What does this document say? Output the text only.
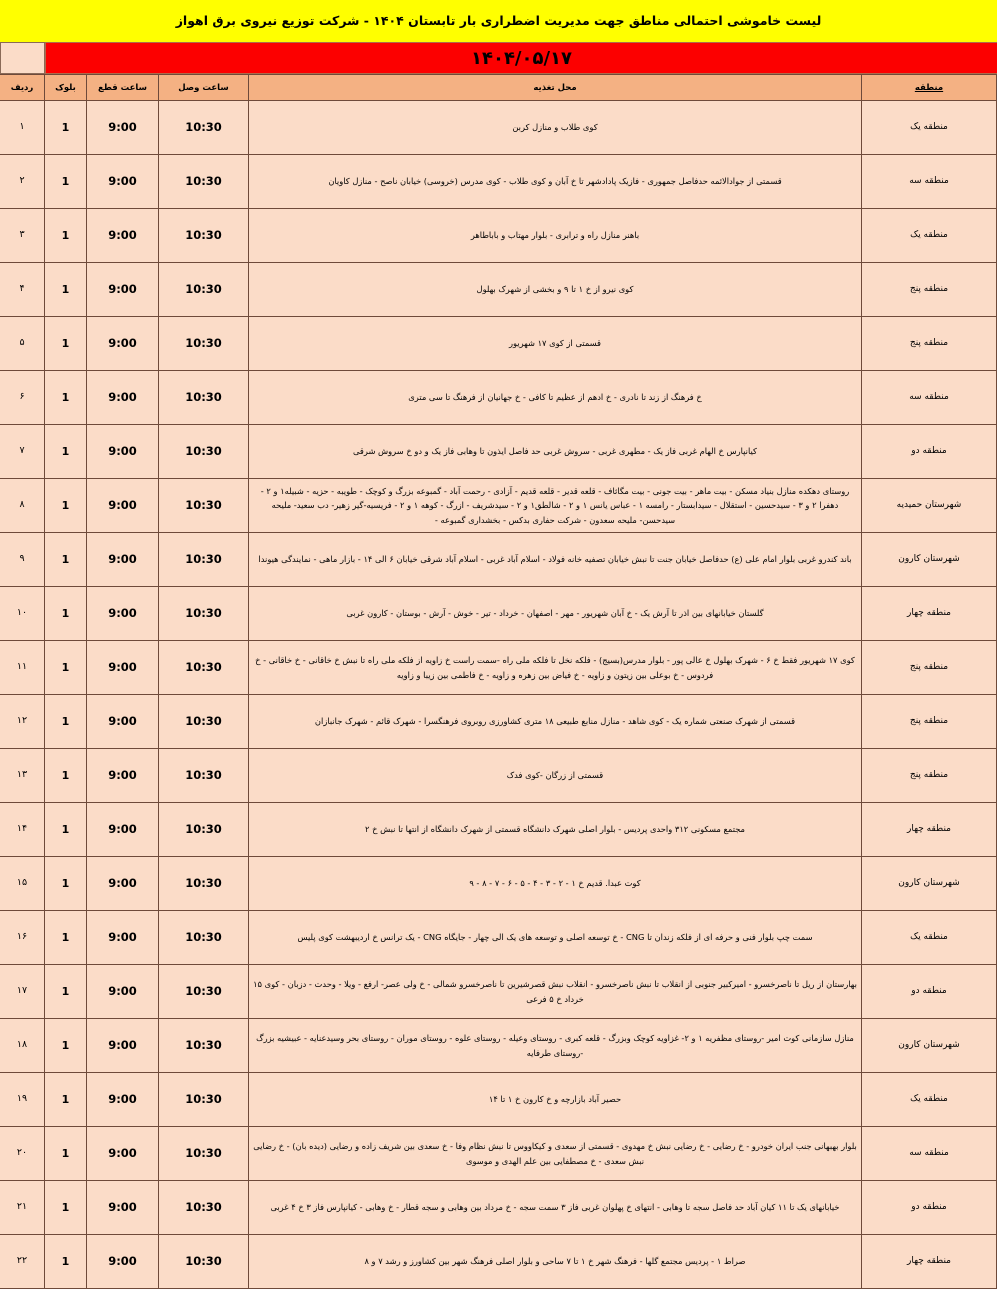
لیست خاموشی احتمالی مناطق جهت مدیریت اضطراری بار تابستان ۱۴۰۴ - شرکت توزیع نیروی برق اهواز
۱۴۰۴/۰۵/۱۷
منطقه	محل تغذیه	ساعت وصل	ساعت قطع	بلوک	ردیف
منطقه یک	کوی طلاب و منازل کربن	10:30	9:00	1	۱
منطقه سه	قسمتی از جوادالائمه حدفاصل جمهوری - فازیک پادادشهر تا خ آبان و کوی طلاب - کوی مدرس (خروسی) خیابان ناصح - منازل کاویان	10:30	9:00	1	۲
منطقه یک	باهنر منازل راه و ترابری - بلوار مهتاب و باباطاهر	10:30	9:00	1	۳
منطقه پنج	کوی نیرو از خ ۱ تا ۹ و بخشی از شهرک بهلول	10:30	9:00	1	۴
منطقه پنج	قسمتی از کوی ۱۷ شهریور	10:30	9:00	1	۵
منطقه سه	خ فرهنگ از زند تا نادری - خ ادهم از عظیم تا کافی - خ جهانیان از فرهنگ تا سی متری	10:30	9:00	1	۶
منطقه دو	کیانپارس خ الهام غربی فاز یک - مطهری غربی - سروش غربی حد فاصل ایذون تا وهابی فاز یک و دو خ سروش شرقی	10:30	9:00	1	۷
شهرستان حمیدیه	روستای دهکده منازل بنیاد مسکن - بیت ماهر - بیت جونی - بیت مگاثاف - قلعه قدیر - قلعه قدیم - آزادی - رحمت آباد - گمبوعه بزرگ و کوچک - طویبه - حزیه - شبیله۱ و ۲ - دهفرا ۲ و ۳ - سیدحسین - استقلال - سیدابستار - رامسه ۱ - عباس یانس ۱ و ۲ - شالطق۱ و ۲ - سیدشریف - ازرگ - کوهه ۱ و ۲ - فریسیه-گیر زهیر- دب سعید- ملیحه سیدحسن- ملیحه سعدون - شرکت حفاری بدکس - بخشداری گمبوعه -	10:30	9:00	1	۸
شهرستان کارون	باند کندرو غربی بلوار امام علی (ع) حدفاصل خیابان جنت تا نبش خیابان تصفیه خانه فولاد - اسلام آباد غربی - اسلام آباد شرقی خیابان ۶ الی ۱۴ - بازار ماهی - نمایندگی هیوندا	10:30	9:00	1	۹
منطقه چهار	گلستان خیابانهای بین اذر تا آرش یک - خ آبان شهریور - مهر - اصفهان - خرداد - تیر - خوش - آرش - بوستان - کارون غربی	10:30	9:00	1	۱۰
منطقه پنج	کوی ۱۷ شهریور فقط خ ۶ - شهرک بهلول خ عالی پور - بلوار مدرس(بسیج) - فلکه نخل تا فلکه ملی راه -سمت راست خ زاویه از فلکه ملی راه تا نبش خ خاقانی - خ خاقانی - خ فردوس - خ بوعلی بین زیتون و زاویه - خ فیاض بین زهره و زاویه - خ فاطمی بین زیبا و زاویه	10:30	9:00	1	۱۱
منطقه پنج	قسمتی از شهرک صنعتی شماره یک - کوی شاهد - منازل منابع طبیعی ۱۸ متری کشاورزی روبروی فرهنگسرا - شهرک قائم - شهرک جانبازان	10:30	9:00	1	۱۲
منطقه پنج	قسمتی از زرگان -کوی فدک	10:30	9:00	1	۱۳
منطقه چهار	مجتمع مسکونی ۳۱۲ واحدی پردیس - بلوار اصلی شهرک دانشگاه قسمتی از شهرک دانشگاه از انتها تا نبش خ ۲	10:30	9:00	1	۱۴
شهرستان کارون	کوت عبدا. قدیم خ ۱ - ۲ - ۳ - ۴ - ۵ - ۶ - ۷ - ۸ - ۹	10:30	9:00	1	۱۵
منطقه یک	سمت چپ بلوار فنی و حرفه ای از فلکه زندان تا CNG - خ توسعه اصلی و توسعه های یک الی چهار - جایگاه CNG - یک ترانس خ اردیبهشت کوی پلیس	10:30	9:00	1	۱۶
منطقه دو	بهارستان از ریل تا ناصرخسرو - امیرکبیر جنوبی از انقلاب تا نبش ناصرخسرو - انقلاب نبش قصرشیرین تا ناصرخسرو شمالی - خ ولی عصر- ارفع - ویلا - وحدت - دزبان - کوی ۱۵ خرداد خ ۵ فرعی	10:30	9:00	1	۱۷
شهرستان کارون	منازل سازمانی کوت امیر -روستای مظفریه ۱ و ۲- غزاویه کوچک وبزرگ - قلعه کبری - روستای وعیله - روستای علوه - روستای موران - روستای بحر وسیدعنایه - عبیشیه بزرگ -روستای طرفایه	10:30	9:00	1	۱۸
منطقه یک	حصیر آباد بازارچه و خ کارون خ ۱ تا ۱۴	10:30	9:00	1	۱۹
منطقه سه	بلوار بهبهانی جنب ایران خودرو - خ رضایی - خ رضایی نبش خ مهدوی - قسمتی از سعدی و کیکاووس تا نبش نظام وفا - خ سعدی بین شریف زاده و رضایی (دیده بان) - خ رضایی نبش سعدی - خ مصطفایی بین علم الهدی و موسوی	10:30	9:00	1	۲۰
منطقه دو	خیابانهای یک تا ۱۱ کیان آباد حد فاصل سجه تا وهابی - انتهای خ پهلوان غربی فاز ۳ سمت سجه - خ مرداد بین وهابی و سجه قطار - خ وهابی - کیانپارس فاز ۳ خ ۴ غربی	10:30	9:00	1	۲۱
منطقه چهار	صراط ۱ - پردیس مجتمع گلها - فرهنگ شهر خ ۱ تا ۷ ساحی و بلوار اصلی فرهنگ شهر بین کشاورز و رشد ۷ و ۸	10:30	9:00	1	۲۲
